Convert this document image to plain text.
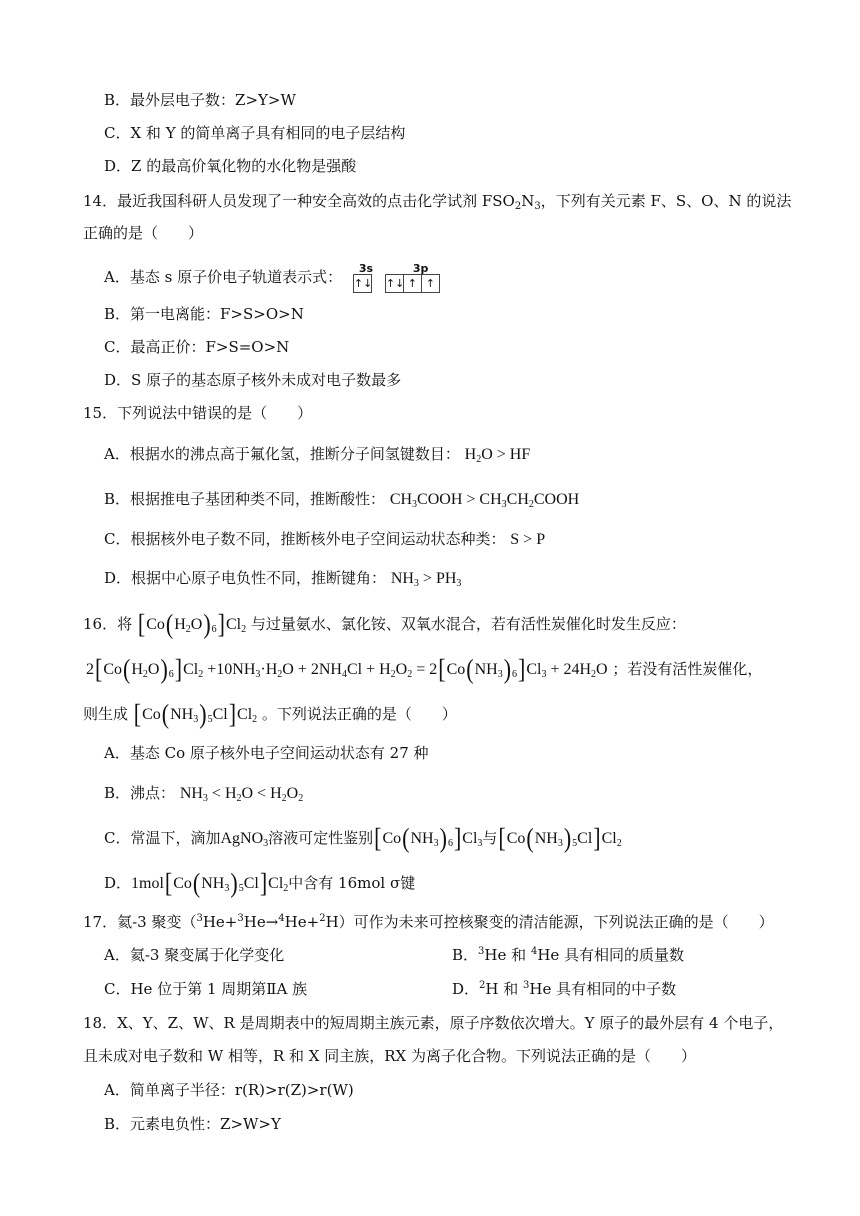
B．最外层电子数：Z>Y>W
C．X 和 Y 的简单离子具有相同的电子层结构
D．Z 的最高价氧化物的水化物是强酸
14．最近我国科研人员发现了一种安全高效的点击化学试剂 $FSO_2N_3$，下列有关元素 F、S、O、N 的说法
正确的是（　　）
A．基态 s 原子价电子轨道表示式： 3s	3p
↑↓ ↑↓ ↑ ↑
B．第一电离能：F>S>O>N
C．最高正价：F>S=O>N
D．S 原子的基态原子核外未成对电子数最多
15．下列说法中错误的是（　　）
A．根据水的沸点高于氟化氢，推断分子间氢键数目： $H_2O$ > HF
B．根据推电子基团种类不同，推断酸性： $CH_3COOH$ > $CH_3CH_2COOH$
C．根据核外电子数不同，推断核外电子空间运动状态种类： S > P
D．根据中心原子电负性不同，推断键角： $NH_3 > PH_3$
16．将 $[Co(H_2O)_6]Cl_2$ 与过量氨水、氯化铵、双氧水混合，若有活性炭催化时发生反应：
$2[Co(H_2O)_6]Cl_2 +10NH_3\cdot H_2O + 2NH_4Cl + H_2O_2 = 2[Co(NH_3)_6]Cl_3 + 24H_2O$ ；若没有活性炭催化，
则生成 $[Co(NH_3)_5Cl]Cl_2$ 。下列说法正确的是（　　）
A．基态 Co 原子核外电子空间运动状态有 27 种
B．沸点： $NH_3 < H_2O < H_2O_2$
C．常温下，滴加AgNO$_3$溶液可定性鉴别$[Co(NH_3)_6]Cl_3$与$[Co(NH_3)_5Cl]Cl_2$
D．$1mol[Co(NH_3)_5Cl]Cl_2$中含有 16mol σ键
17．氦-3 聚变（$^3$He+$^3$He→$^4$He+$^2$H）可作为未来可控核聚变的清洁能源，下列说法正确的是（　　）
A．氦-3 聚变属于化学变化	B．$^3$He 和 $^4$He 具有相同的质量数
C．He 位于第 1 周期第ⅡA 族	D．$^2$H 和 $^3$He 具有相同的中子数
18．X、Y、Z、W、R 是周期表中的短周期主族元素，原子序数依次增大。Y 原子的最外层有 4 个电子，
且未成对电子数和 W 相等，R 和 X 同主族，RX 为离子化合物。下列说法正确的是（　　）
A．简单离子半径：r(R)>r(Z)>r(W)
B．元素电负性：Z>W>Y
